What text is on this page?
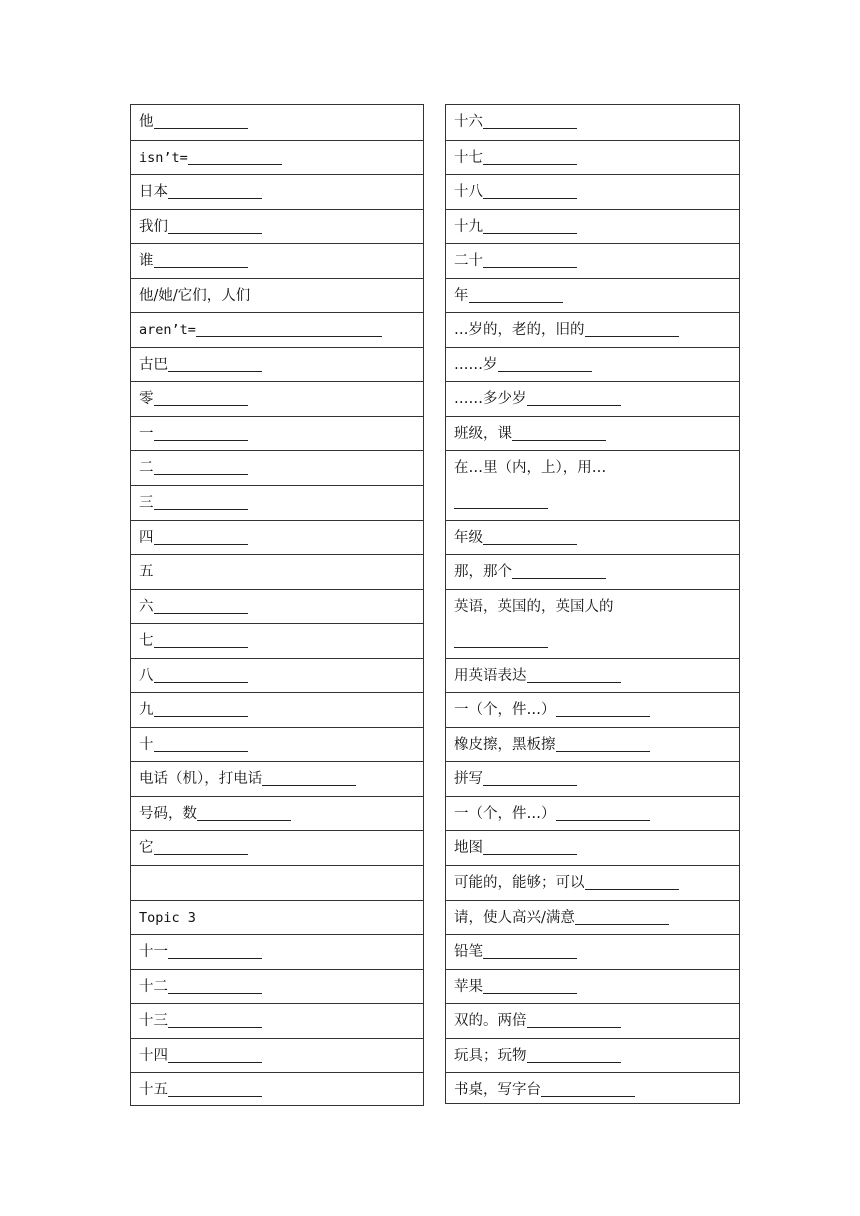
他
isn’t=
日本
我们
谁
他/她/它们，人们
aren’t=
古巴
零
一
二
三
四
五
六
七
八
九
十
电话（机），打电话
号码，数
它
Topic 3
十一
十二
十三
十四
十五
十六
十七
十八
十九
二十
年
…岁的，老的，旧的
……岁
……多少岁
班级，课
在…里（内，上），用…

年级
那，那个
英语，英国的，英国人的

用英语表达
一（个，件…）
橡皮擦，黑板擦
拼写
一（个，件…）
地图
可能的，能够；可以
请，使人高兴/满意
铅笔
苹果
双的。两倍
玩具；玩物
书桌，写字台
